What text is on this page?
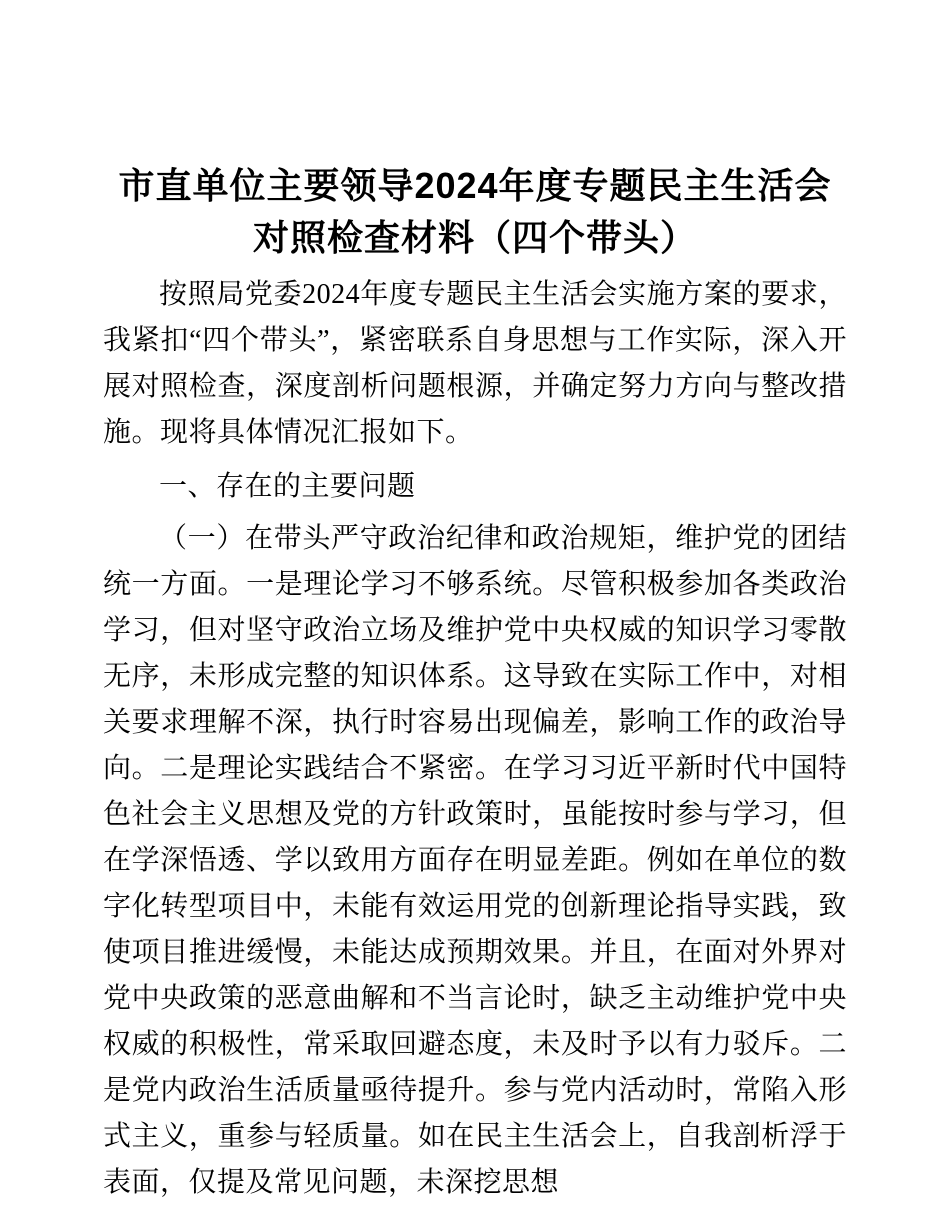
市直单位主要领导2024年度专题民主生活会对照检查材料（四个带头）

按照局党委2024年度专题民主生活会实施方案的要求，我紧扣“四个带头”，紧密联系自身思想与工作实际，深入开展对照检查，深度剖析问题根源，并确定努力方向与整改措施。现将具体情况汇报如下。

一、存在的主要问题

（一）在带头严守政治纪律和政治规矩，维护党的团结统一方面。一是理论学习不够系统。尽管积极参加各类政治学习，但对坚守政治立场及维护党中央权威的知识学习零散无序，未形成完整的知识体系。这导致在实际工作中，对相关要求理解不深，执行时容易出现偏差，影响工作的政治导向。二是理论实践结合不紧密。在学习习近平新时代中国特色社会主义思想及党的方针政策时，虽能按时参与学习，但在学深悟透、学以致用方面存在明显差距。例如在单位的数字化转型项目中，未能有效运用党的创新理论指导实践，致使项目推进缓慢，未能达成预期效果。并且，在面对外界对党中央政策的恶意曲解和不当言论时，缺乏主动维护党中央权威的积极性，常采取回避态度，未及时予以有力驳斥。二是党内政治生活质量亟待提升。参与党内活动时，常陷入形式主义，重参与轻质量。如在民主生活会上，自我剖析浮于表面，仅提及常见问题，未深挖思想
